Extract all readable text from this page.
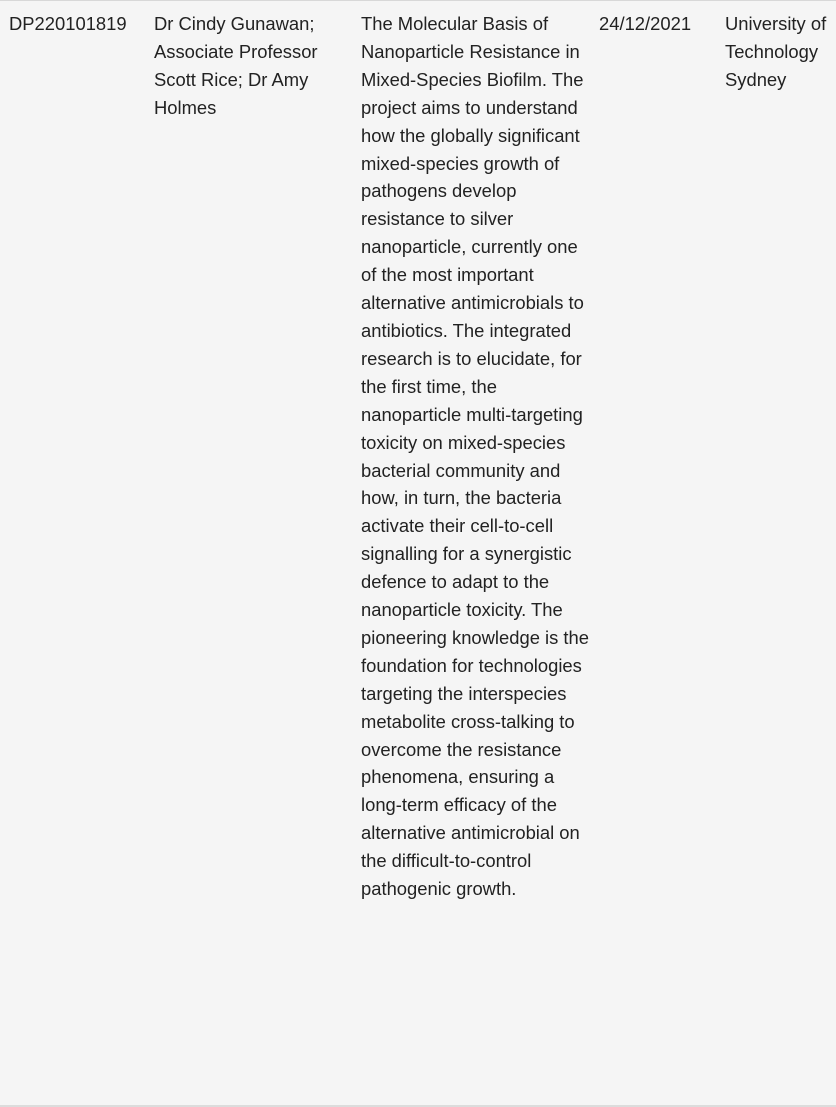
DP220101819	Dr Cindy Gunawan; Associate Professor Scott Rice; Dr Amy Holmes
The Molecular Basis of Nanoparticle Resistance in Mixed-Species Biofilm. The project aims to understand how the globally significant mixed-species growth of pathogens develop resistance to silver nanoparticle, currently one of the most important alternative antimicrobials to antibiotics. The integrated research is to elucidate, for the first time, the nanoparticle multi-targeting toxicity on mixed-species bacterial community and how, in turn, the bacteria activate their cell-to-cell signalling for a synergistic defence to adapt to the nanoparticle toxicity. The pioneering knowledge is the foundation for technologies targeting the interspecies metabolite cross-talking to overcome the resistance phenomena, ensuring a long-term efficacy of the alternative antimicrobial on the difficult-to-control pathogenic growth.
24/12/2021	University of Technology Sydney
